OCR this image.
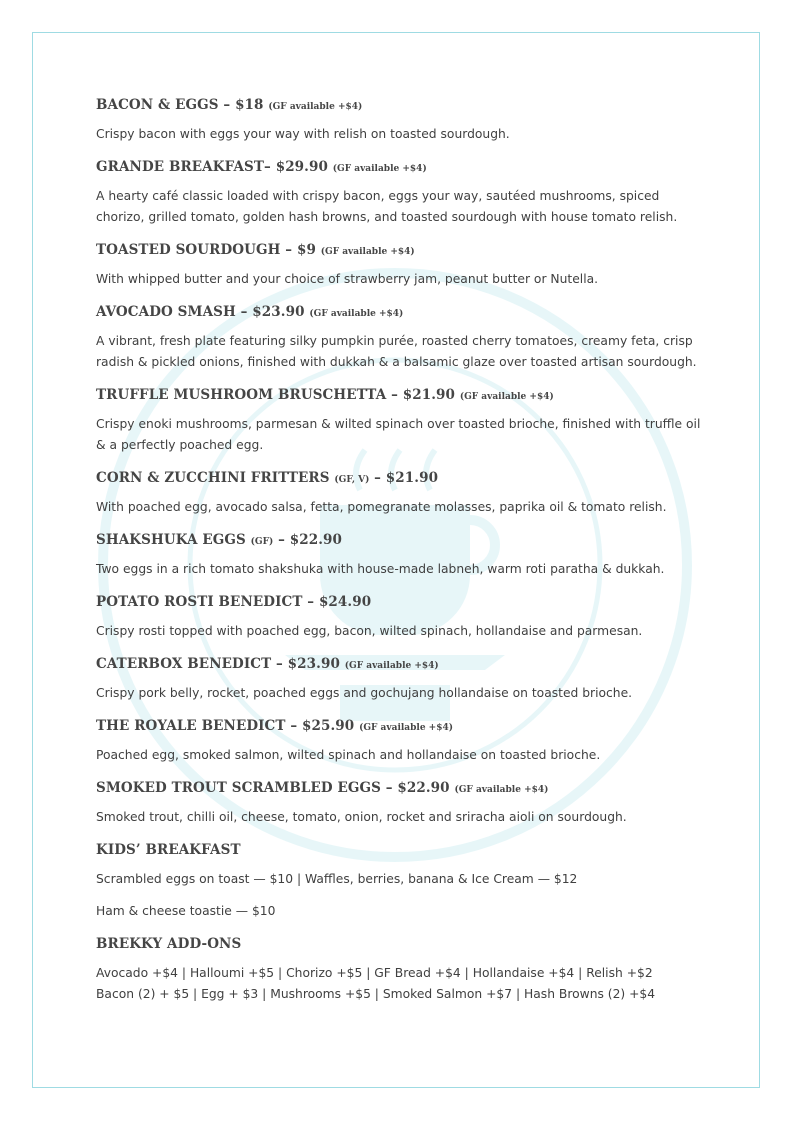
BACON & EGGS – $18 (GF available +$4)
Crispy bacon with eggs your way with relish on toasted sourdough.
GRANDE BREAKFAST– $29.90 (GF available +$4)
A hearty café classic loaded with crispy bacon, eggs your way, sautéed mushrooms, spiced chorizo, grilled tomato, golden hash browns, and toasted sourdough with house tomato relish.
TOASTED SOURDOUGH – $9 (GF available +$4)
With whipped butter and your choice of strawberry jam, peanut butter or Nutella.
AVOCADO SMASH – $23.90 (GF available +$4)
A vibrant, fresh plate featuring silky pumpkin purée, roasted cherry tomatoes, creamy feta, crisp radish & pickled onions, finished with dukkah & a balsamic glaze over toasted artisan sourdough.
TRUFFLE MUSHROOM BRUSCHETTA – $21.90 (GF available +$4)
Crispy enoki mushrooms, parmesan & wilted spinach over toasted brioche, finished with truffle oil & a perfectly poached egg.
CORN & ZUCCHINI FRITTERS (GF, V) – $21.90
With poached egg, avocado salsa, fetta, pomegranate molasses, paprika oil & tomato relish.
SHAKSHUKA EGGS (GF) – $22.90
Two eggs in a rich tomato shakshuka with house-made labneh, warm roti paratha & dukkah.
POTATO ROSTI BENEDICT – $24.90
Crispy rosti topped with poached egg, bacon, wilted spinach, hollandaise and parmesan.
CATERBOX BENEDICT – $23.90 (GF available +$4)
Crispy pork belly, rocket, poached eggs and gochujang hollandaise on toasted brioche.
THE ROYALE BENEDICT – $25.90 (GF available +$4)
Poached egg, smoked salmon, wilted spinach and hollandaise on toasted brioche.
SMOKED TROUT SCRAMBLED EGGS – $22.90 (GF available +$4)
Smoked trout, chilli oil, cheese, tomato, onion, rocket and sriracha aioli on sourdough.
KIDS’ BREAKFAST
Scrambled eggs on toast — $10 | Waffles, berries, banana & Ice Cream — $12
Ham & cheese toastie — $10
BREKKY ADD-ONS
Avocado +$4 | Halloumi +$5 | Chorizo +$5 | GF Bread +$4 | Hollandaise +$4 | Relish +$2
Bacon (2) + $5 | Egg + $3 | Mushrooms +$5 | Smoked Salmon +$7 | Hash Browns (2) +$4
